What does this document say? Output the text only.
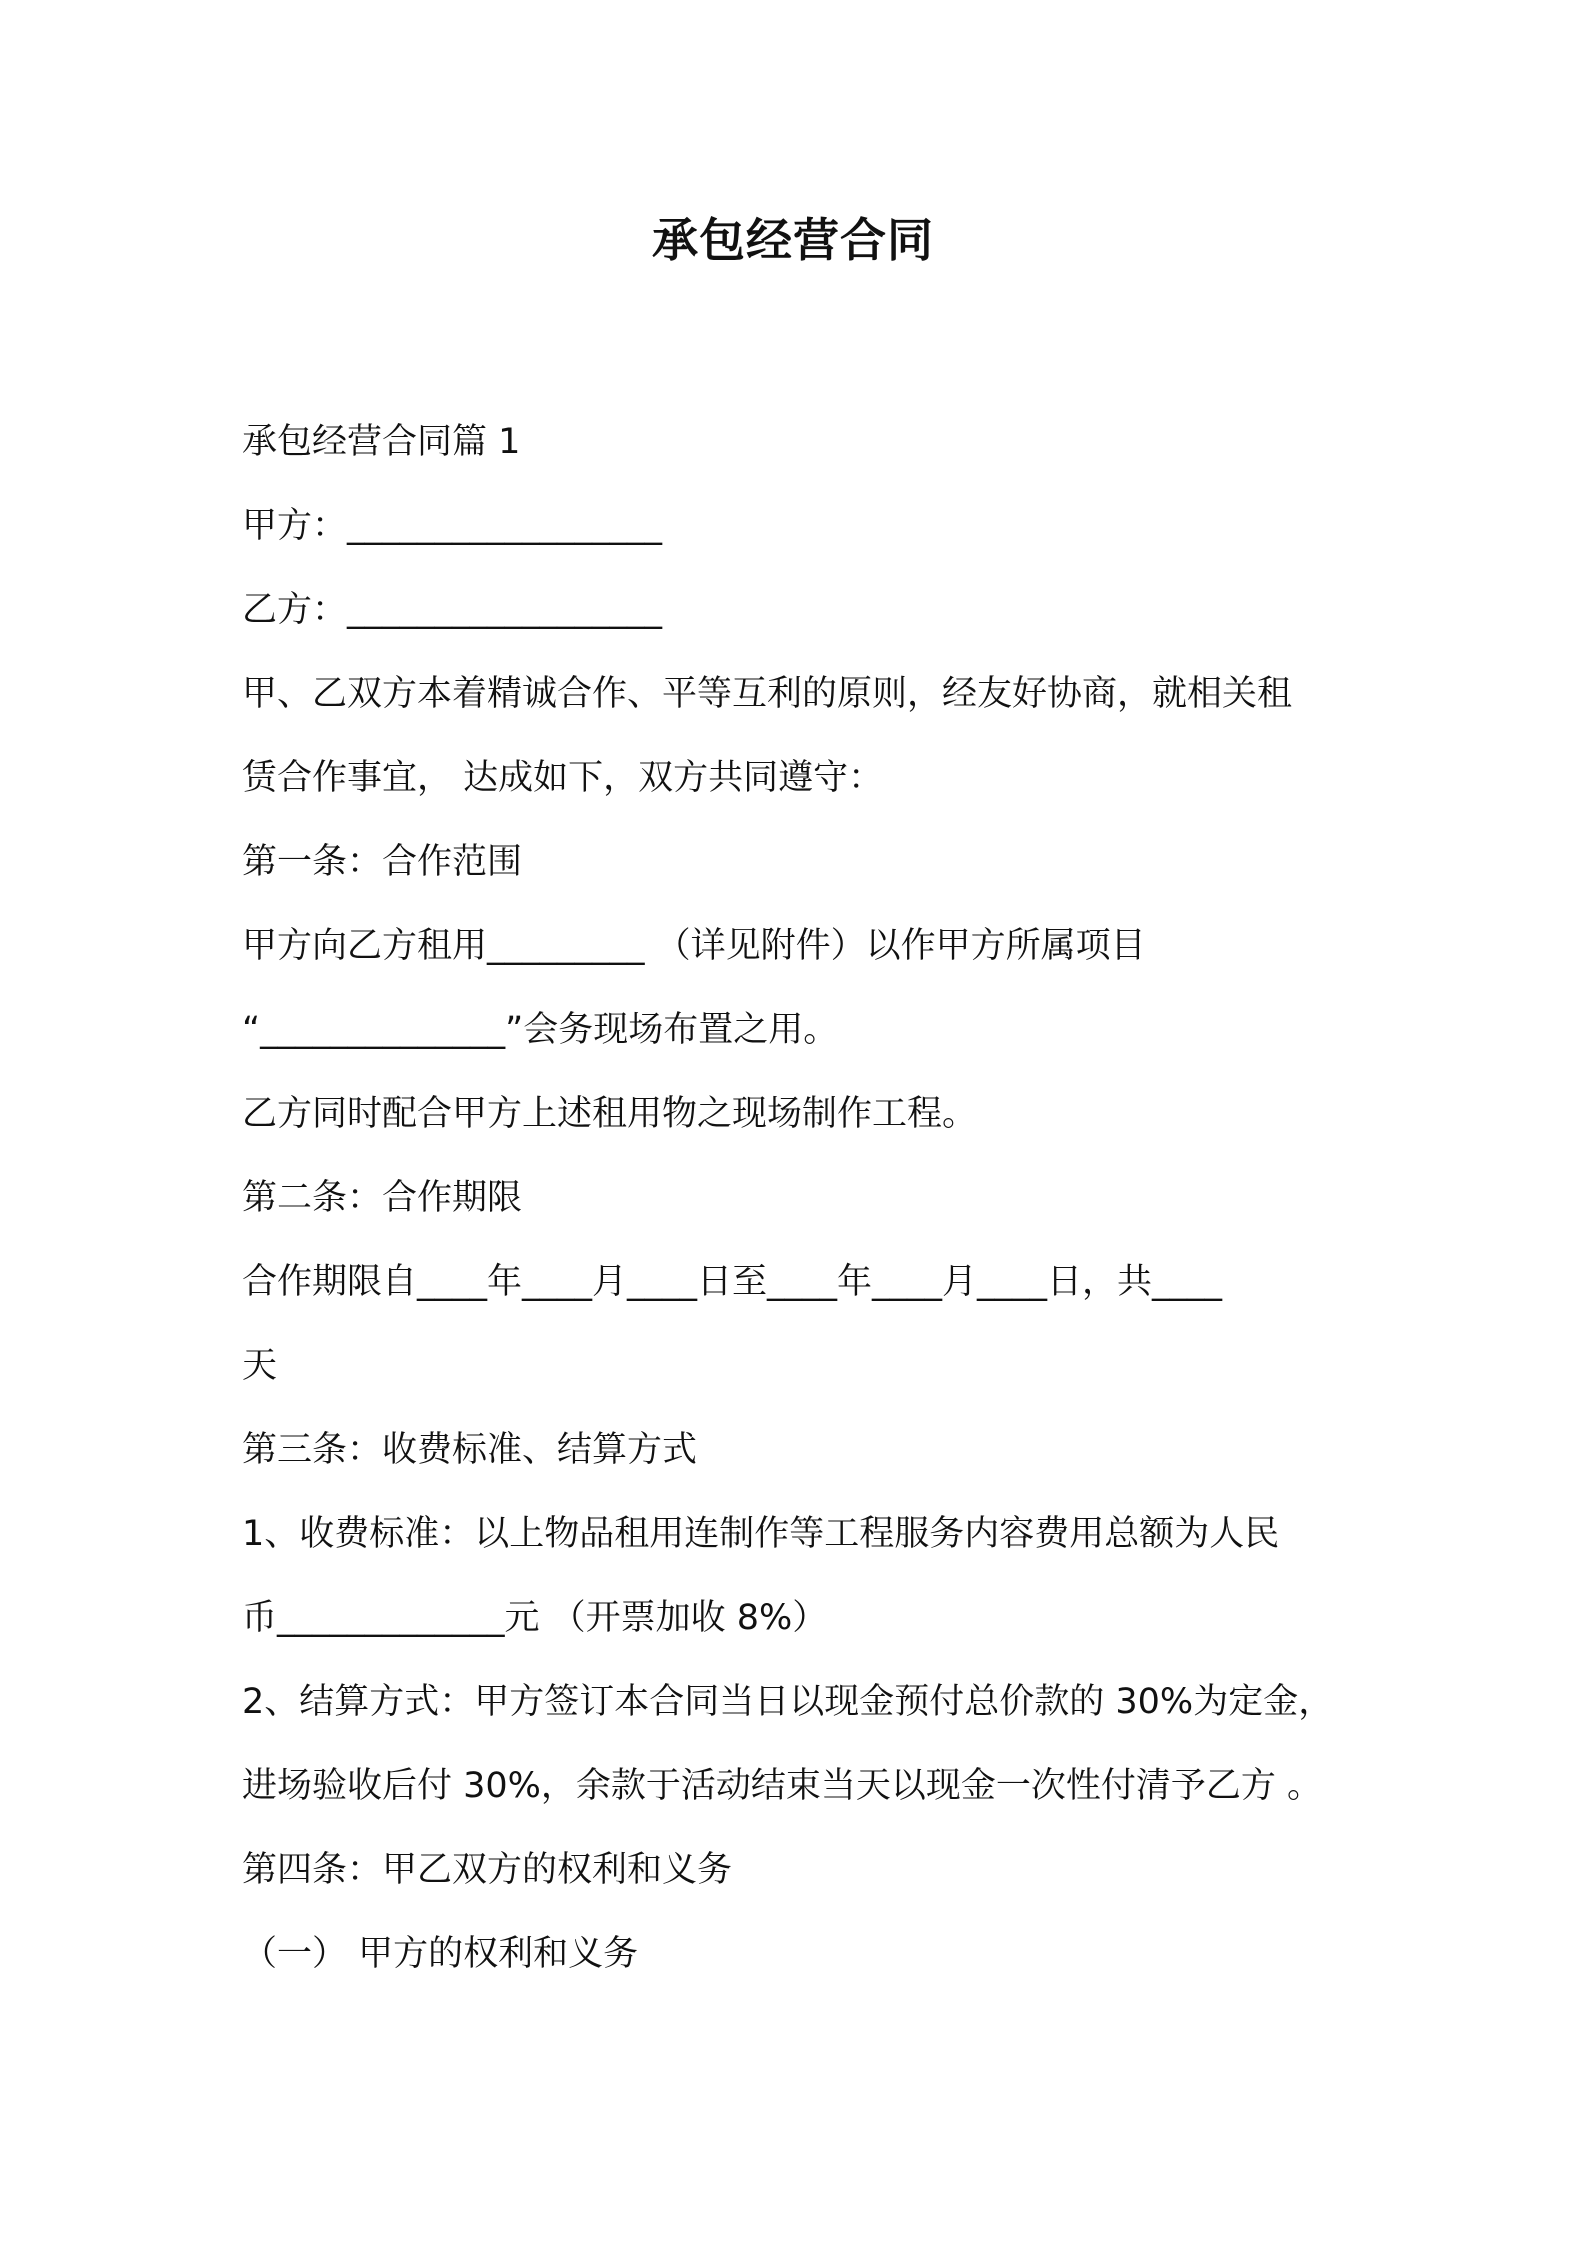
承包经营合同
承包经营合同篇 1
甲方：__________________
乙方：__________________
甲、乙双方本着精诚合作、平等互利的原则，经友好协商，就相关租
赁合作事宜， 达成如下，双方共同遵守：
第一条：合作范围
甲方向乙方租用_________ （详见附件）以作甲方所属项目
“______________”会务现场布置之用。
乙方同时配合甲方上述租用物之现场制作工程。
第二条：合作期限
合作期限自____年____月____日至____年____月____日，共____
天
第三条：收费标准、结算方式
1、收费标准：以上物品租用连制作等工程服务内容费用总额为人民
币_____________元 （开票加收 8%）
2、结算方式：甲方签订本合同当日以现金预付总价款的 30%为定金，
进场验收后付 30%，余款于活动结束当天以现金一次性付清予乙方 。
第四条：甲乙双方的权利和义务
（一） 甲方的权利和义务
